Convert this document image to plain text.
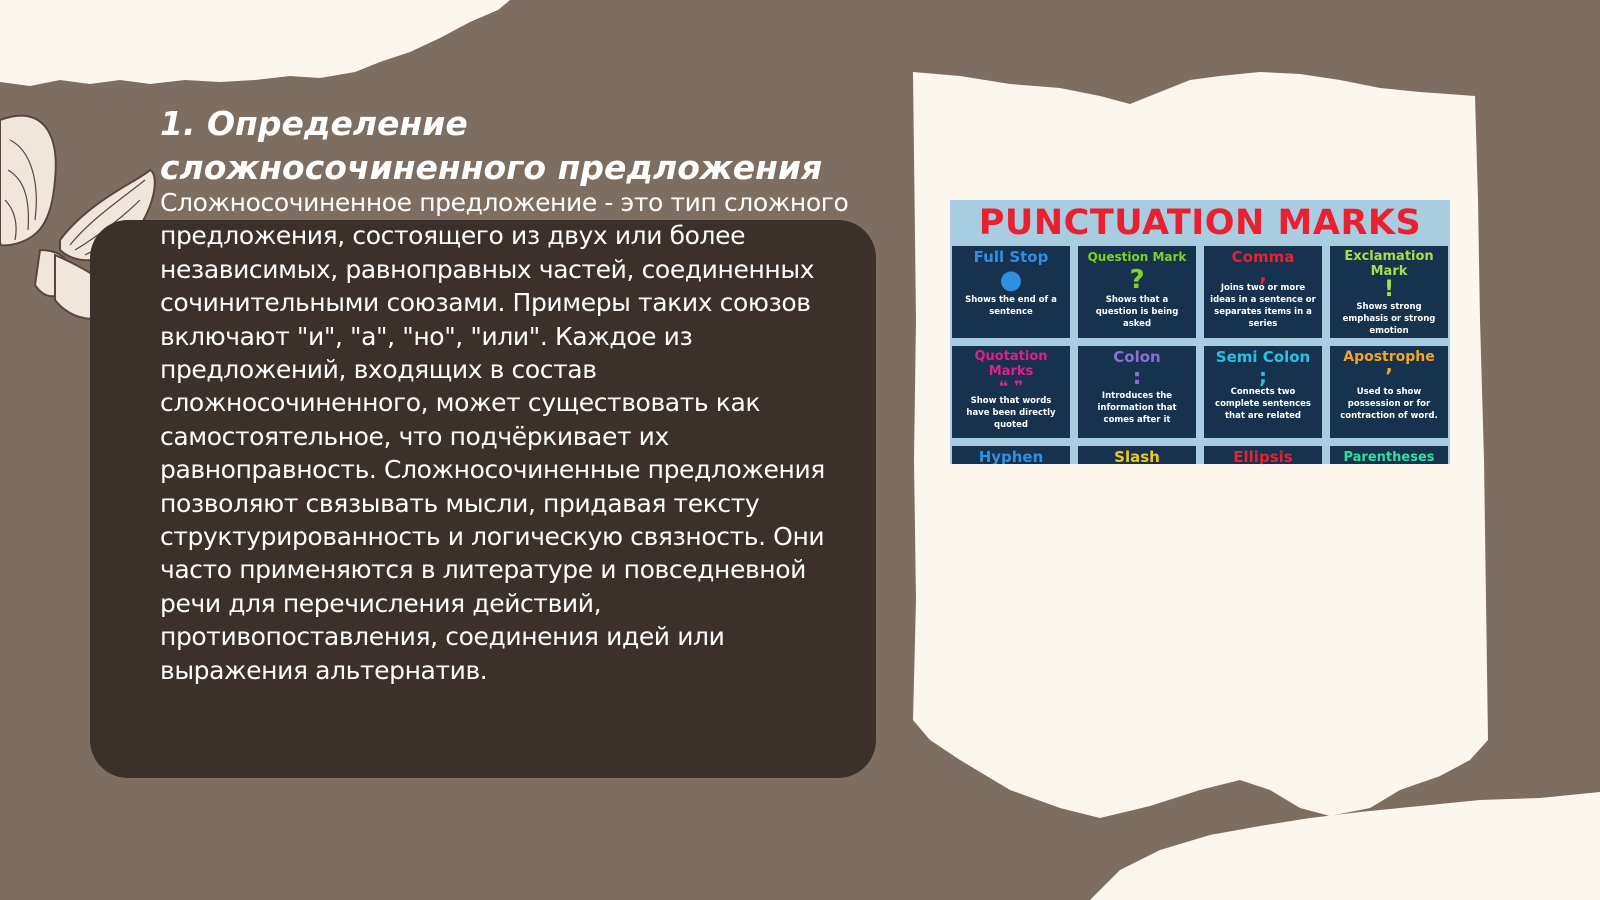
1. Определение сложносочиненного предложения

Сложносочиненное предложение - это тип сложного предложения, состоящего из двух или более независимых, равноправных частей, соединенных сочинительными союзами. Примеры таких союзов включают "и", "а", "но", "или". Каждое из предложений, входящих в состав сложносочиненного, может существовать как самостоятельное, что подчёркивает их равноправность. Сложносочиненные предложения позволяют связывать мысли, придавая тексту структурированность и логическую связность. Они часто применяются в литературе и повседневной речи для перечисления действий, противопоставления, соединения идей или выражения альтернатив.

PUNCTUATION MARKS
Full Stop
●
Shows the end of a sentence
Question Mark
?
Shows that a question is being asked
Comma
,
Joins two or more ideas in a sentence or separates items in a series
Exclamation Mark
!
Shows strong emphasis or strong emotion
Quotation Marks
❝ ❞
Show that words have been directly quoted
Colon
:
Introduces the information that comes after it
Semi Colon
;
Connects two complete sentences that are related
Apostrophe
’
Used to show possession or for contraction of word.
Hyphen	Slash	Ellipsis	Parentheses
